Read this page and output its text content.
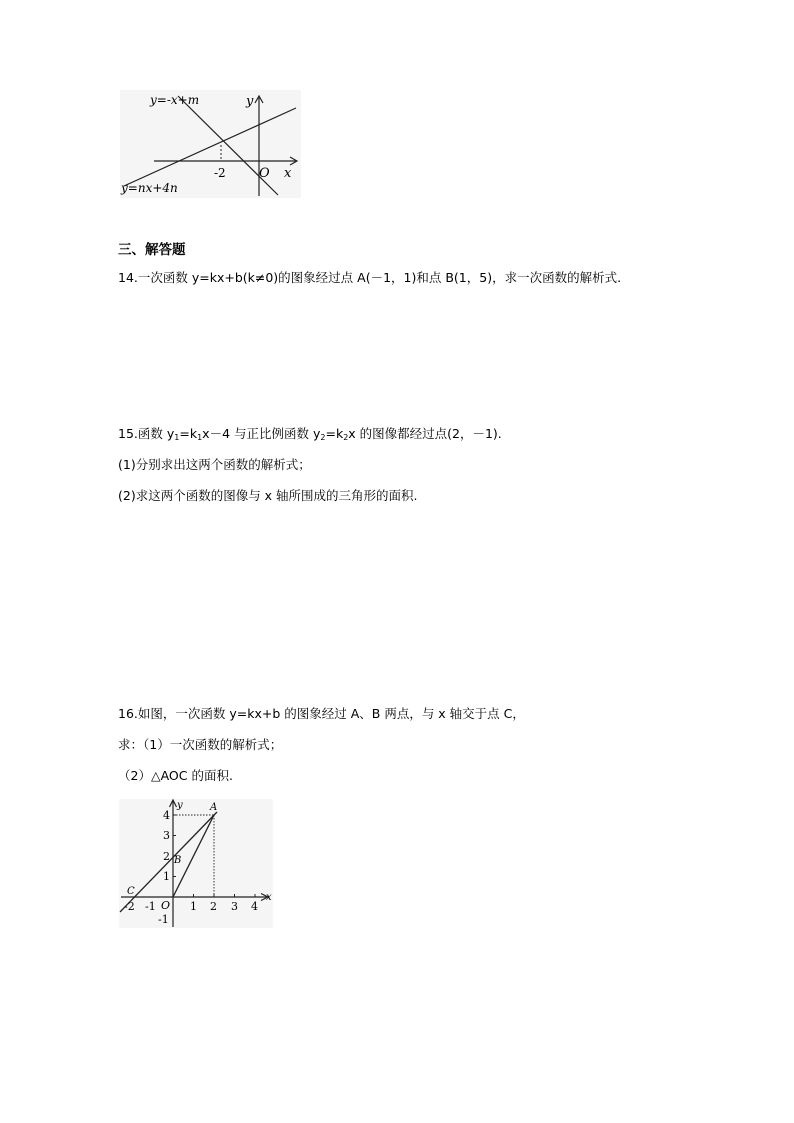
y=-x+m
y=nx+4n
y
x
O
-2
三、解答题
14.一次函数 y=kx+b(k≠0)的图象经过点 A(－1，1)和点 B(1，5)，求一次函数的解析式.
15.函数 $y_1=k_1x-4$ 与正比例函数 $y_2=k_2x$ 的图像都经过点(2，－1).
(1)分别求出这两个函数的解析式；
(2)求这两个函数的图像与 x 轴所围成的三角形的面积.
16.如图，一次函数 y=kx+b 的图象经过 A、B 两点，与 x 轴交于点 C，
求：（1）一次函数的解析式；
（2）△AOC 的面积.
y
x
O
A
B
C
-2 -1	1 2 3 4
4
3
2
1
-1
